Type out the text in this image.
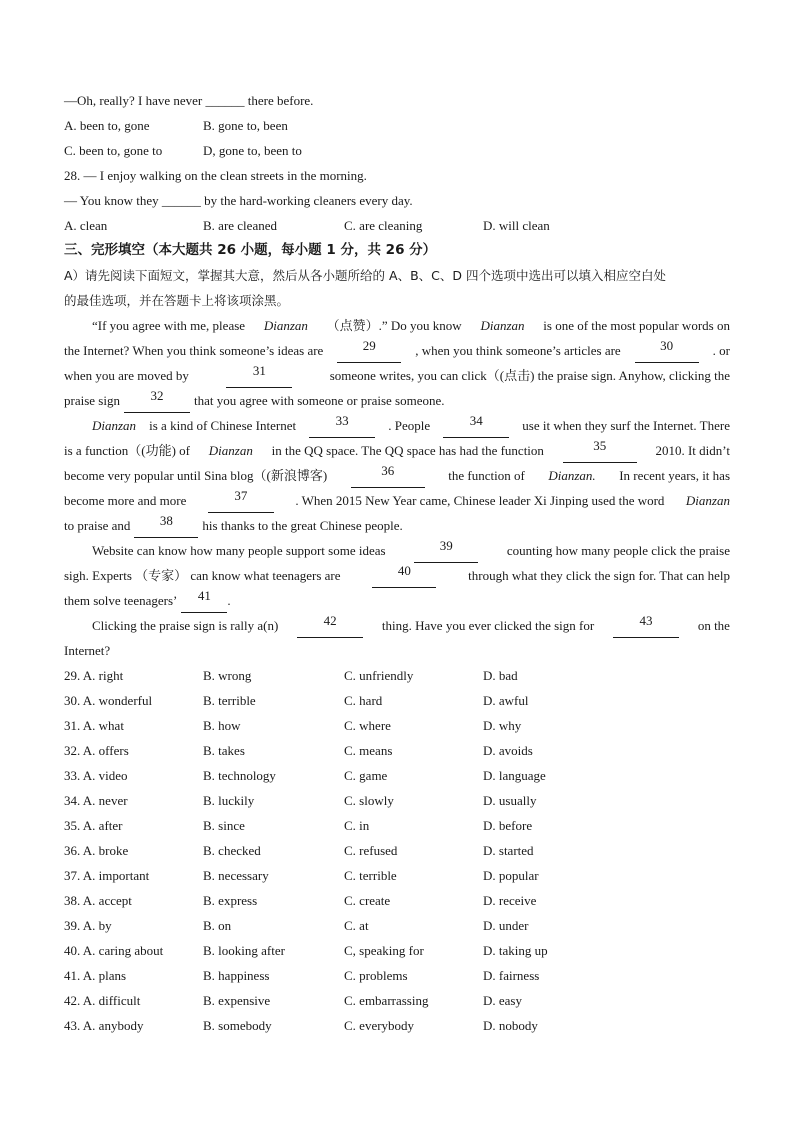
—Oh, really? I have never ______ there before.
A. been to, gone	B. gone to, been
C. been to, gone to	D, gone to, been to
28. — I enjoy walking on the clean streets in the morning.
— You know they ______ by the hard-working cleaners every day.
A. clean	B. are cleaned	C. are cleaning	D. will clean
三、完形填空（本大题共 26 小题，每小题 1 分，共 26 分）
A）请先阅读下面短文，掌握其大意，然后从各小题所给的 A、B、C、D 四个选项中选出可以填入相应空白处
的最佳选项，并在答题卡上将该项涂黑。
“If you agree with me, please Dianzan （点赞）.” Do you know Dianzan is one of the most popular words on
the Internet? When you think someone’s ideas are	29	, when you think someone’s articles are	30	. or
when you are moved by	31	someone writes, you can click（(点击) the praise sign. Anyhow, clicking the
praise sign	32	that you agree with someone or praise someone.
Dianzan is a kind of Chinese Internet	33	. People	34	use it when they surf the Internet. There
is a function（(功能) of Dianzan in the QQ space. The QQ space has had the function	35	2010. It didn’t
become very popular until Sina blog（(新浪博客)	36	the function of Dianzan. In recent years, it has
become more and more	37	. When 2015 New Year came, Chinese leader Xi Jinping used the word Dianzan
to praise and	38	his thanks to the great Chinese people.
Website can know how many people support some ideas	39	counting how many people click the praise
sigh. Experts （专家） can know what teenagers are	40	through what they click the sign for. That can help
them solve teenagers’	41	.
Clicking the praise sign is rally a(n)	42	thing. Have you ever clicked the sign for	43	on the
Internet?
29. A. right	B. wrong	C. unfriendly	D. bad
30. A. wonderful	B. terrible	C. hard	D. awful
31. A. what	B. how	C. where	D. why
32. A. offers	B. takes	C. means	D. avoids
33. A. video	B. technology	C. game	D. language
34. A. never	B. luckily	C. slowly	D. usually
35. A. after	B. since	C. in	D. before
36. A. broke	B. checked	C. refused	D. started
37. A. important	B. necessary	C. terrible	D. popular
38. A. accept	B. express	C. create	D. receive
39. A. by	B. on	C. at	D. under
40. A. caring about	B. looking after	C, speaking for	D. taking up
41. A. plans	B. happiness	C. problems	D. fairness
42. A. difficult	B. expensive	C. embarrassing	D. easy
43. A. anybody	B. somebody	C. everybody	D. nobody
